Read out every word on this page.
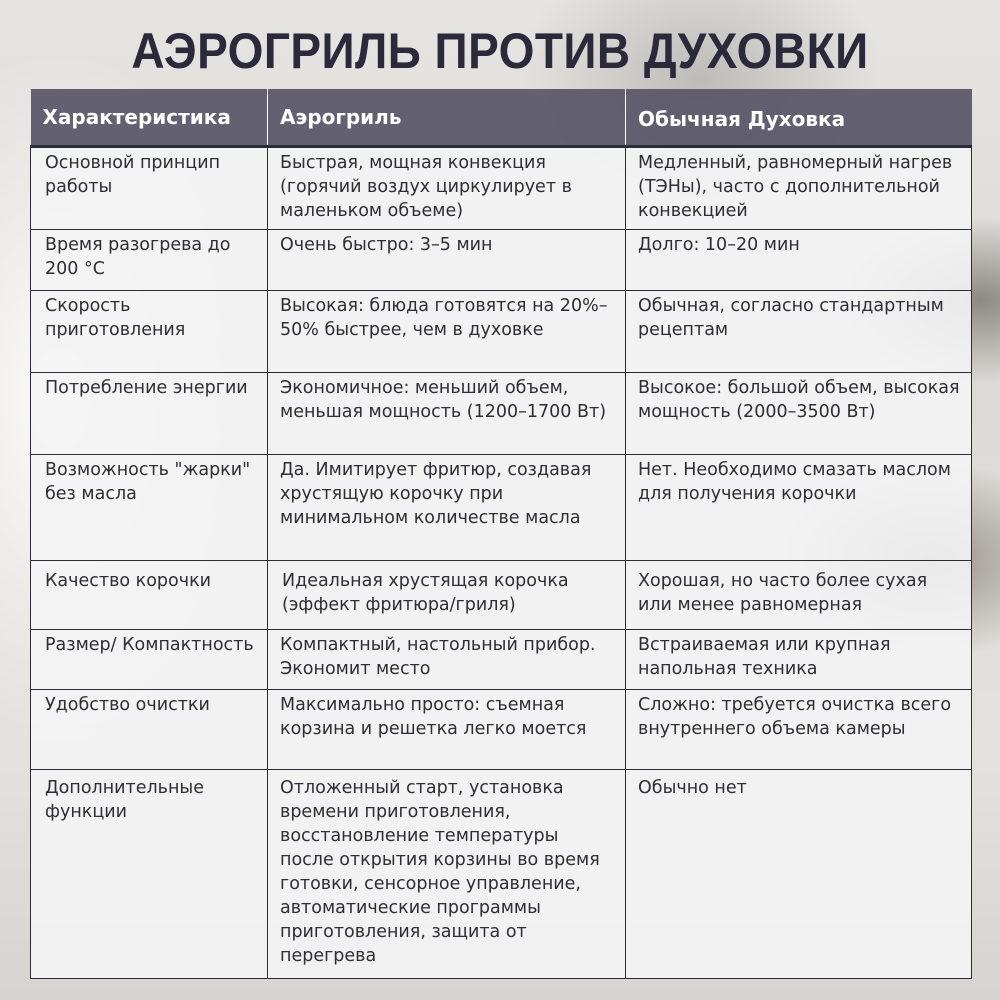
АЭРОГРИЛЬ ПРОТИВ ДУХОВКИ
Характеристика	Аэрогриль	Обычная Духовка
Основной принцип работы	Быстрая, мощная конвекция (горячий воздух циркулирует в маленьком объеме)	Медленный, равномерный нагрев (ТЭНы), часто с дополнительной конвекцией
Время разогрева до 200 °C	Очень быстро: 3–5 мин	Долго: 10–20 мин
Скорость приготовления	Высокая: блюда готовятся на 20%–50% быстрее, чем в духовке	Обычная, согласно стандартным рецептам
Потребление энергии	Экономичное: меньший объем, меньшая мощность (1200–1700 Вт)	Высокое: большой объем, высокая мощность (2000–3500 Вт)
Возможность "жарки" без масла	Да. Имитирует фритюр, создавая хрустящую корочку при минимальном количестве масла	Нет. Необходимо смазать маслом для получения корочки
Качество корочки	Идеальная хрустящая корочка (эффект фритюра/гриля)	Хорошая, но часто более сухая или менее равномерная
Размер/ Компактность	Компактный, настольный прибор. Экономит место	Встраиваемая или крупная напольная техника
Удобство очистки	Максимально просто: съемная корзина и решетка легко моется	Сложно: требуется очистка всего внутреннего объема камеры
Дополнительные функции	Отложенный старт, установка времени приготовления, восстановление температуры после открытия корзины во время готовки, сенсорное управление, автоматические программы приготовления, защита от перегрева	Обычно нет
